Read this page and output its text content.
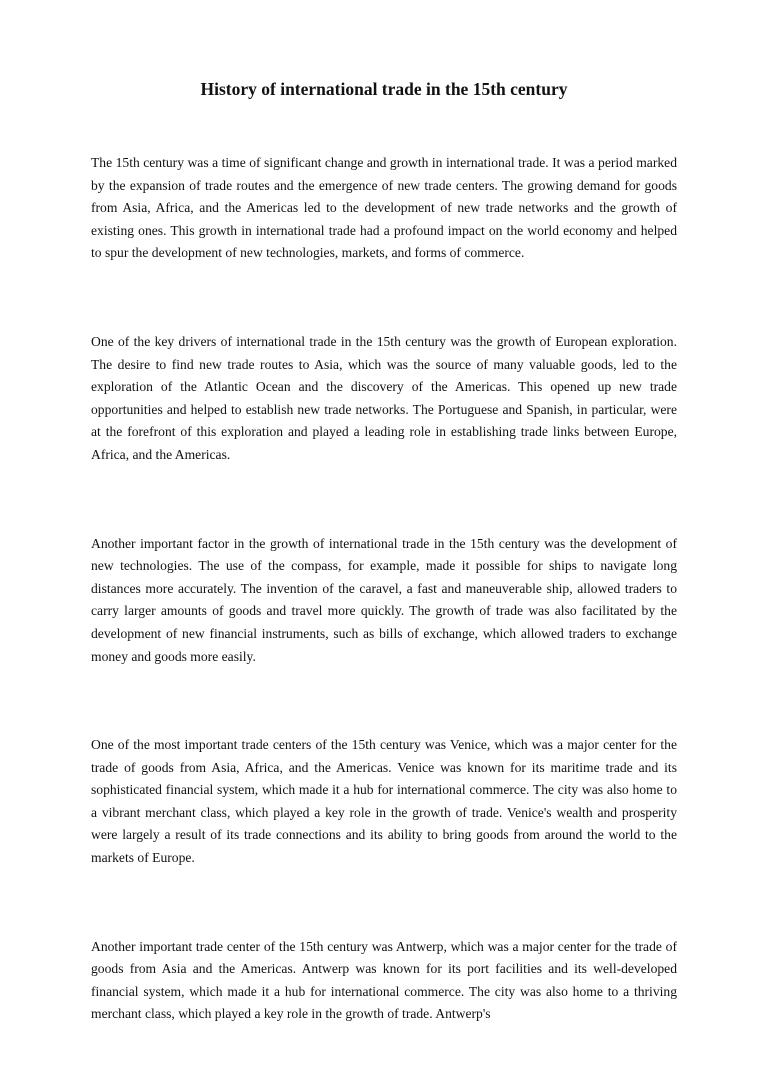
History of international trade in the 15th century

The 15th century was a time of significant change and growth in international trade. It was a period marked by the expansion of trade routes and the emergence of new trade centers. The growing demand for goods from Asia, Africa, and the Americas led to the development of new trade networks and the growth of existing ones. This growth in international trade had a profound impact on the world economy and helped to spur the development of new technologies, markets, and forms of commerce.

One of the key drivers of international trade in the 15th century was the growth of European exploration. The desire to find new trade routes to Asia, which was the source of many valuable goods, led to the exploration of the Atlantic Ocean and the discovery of the Americas. This opened up new trade opportunities and helped to establish new trade networks. The Portuguese and Spanish, in particular, were at the forefront of this exploration and played a leading role in establishing trade links between Europe, Africa, and the Americas.

Another important factor in the growth of international trade in the 15th century was the development of new technologies. The use of the compass, for example, made it possible for ships to navigate long distances more accurately. The invention of the caravel, a fast and maneuverable ship, allowed traders to carry larger amounts of goods and travel more quickly. The growth of trade was also facilitated by the development of new financial instruments, such as bills of exchange, which allowed traders to exchange money and goods more easily.

One of the most important trade centers of the 15th century was Venice, which was a major center for the trade of goods from Asia, Africa, and the Americas. Venice was known for its maritime trade and its sophisticated financial system, which made it a hub for international commerce. The city was also home to a vibrant merchant class, which played a key role in the growth of trade. Venice's wealth and prosperity were largely a result of its trade connections and its ability to bring goods from around the world to the markets of Europe.

Another important trade center of the 15th century was Antwerp, which was a major center for the trade of goods from Asia and the Americas. Antwerp was known for its port facilities and its well-developed financial system, which made it a hub for international commerce. The city was also home to a thriving merchant class, which played a key role in the growth of trade. Antwerp's
